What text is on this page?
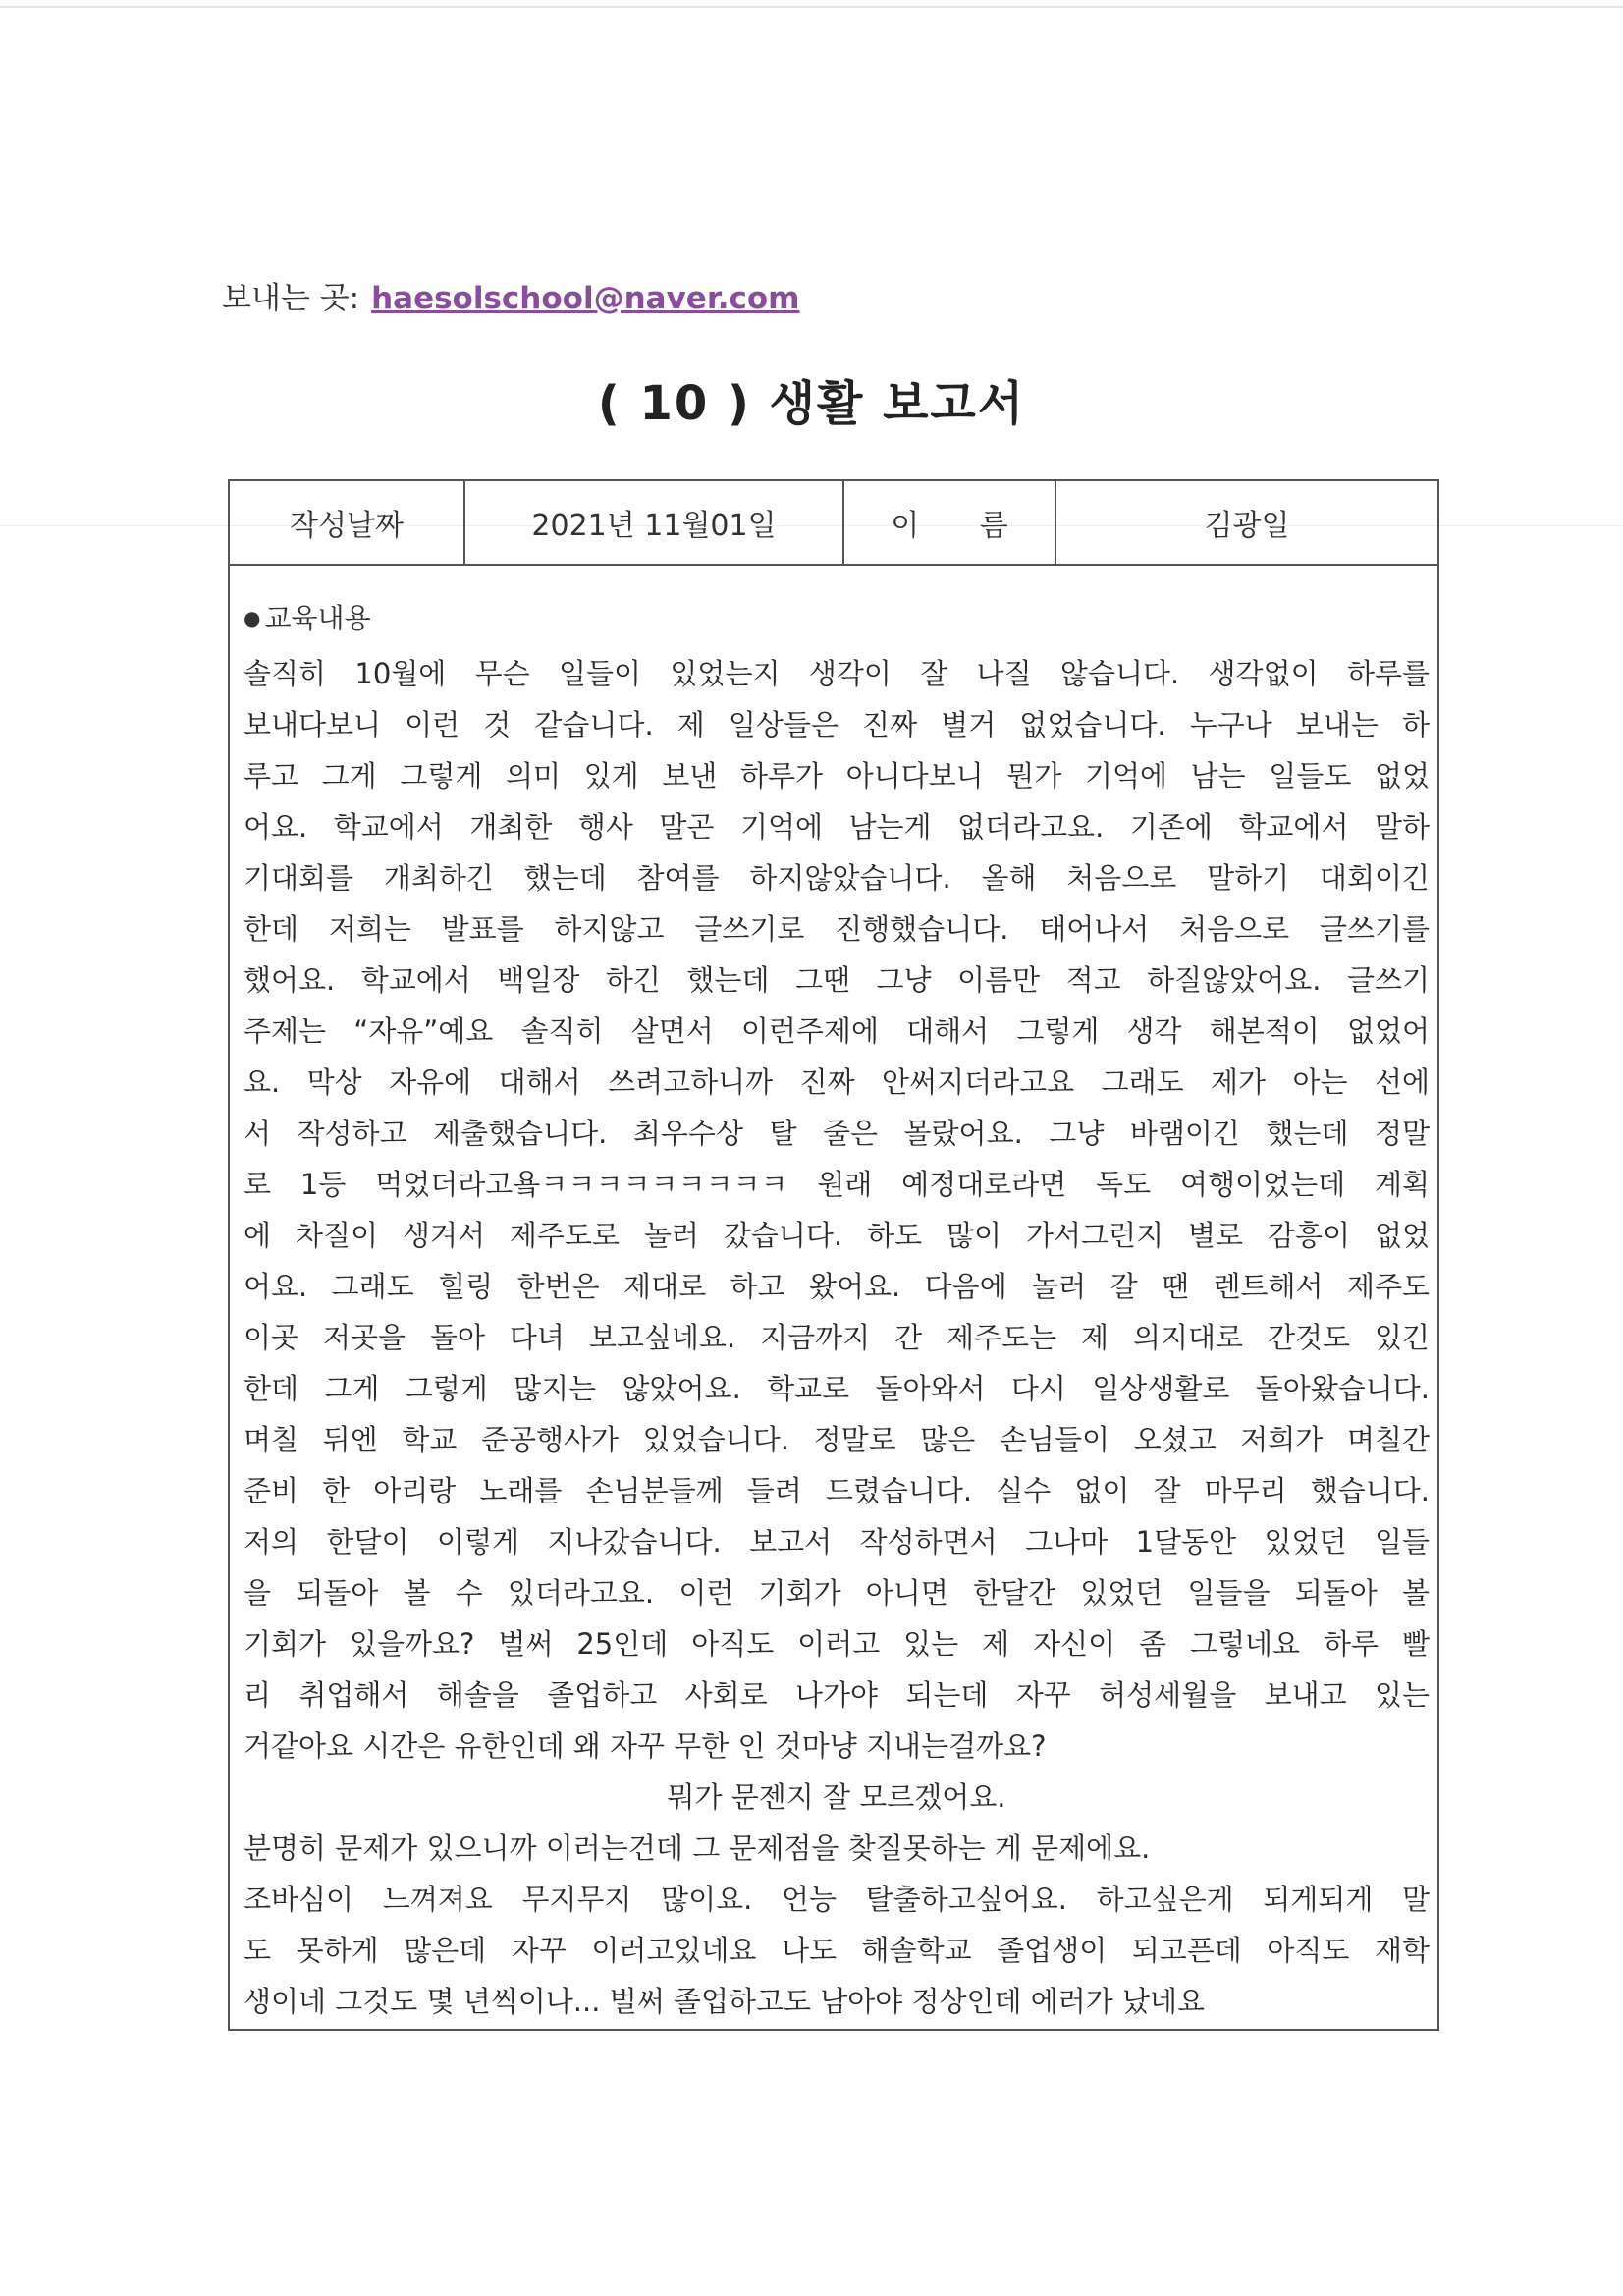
보내는 곳: haesolschool@naver.com
( 10 ) 생활 보고서
작성날짜	2021년 11월01일	이 름	김광일
● 교육내용
솔직히 10월에 무슨 일들이 있었는지 생각이 잘 나질 않습니다. 생각없이 하루를
보내다보니 이런 것 같습니다. 제 일상들은 진짜 별거 없었습니다. 누구나 보내는 하
루고 그게 그렇게 의미 있게 보낸 하루가 아니다보니 뭔가 기억에 남는 일들도 없었
어요. 학교에서 개최한 행사 말곤 기억에 남는게 없더라고요. 기존에 학교에서 말하
기대회를 개최하긴 했는데 참여를 하지않았습니다. 올해 처음으로 말하기 대회이긴
한데 저희는 발표를 하지않고 글쓰기로 진행했습니다. 태어나서 처음으로 글쓰기를
했어요. 학교에서 백일장 하긴 했는데 그땐 그냥 이름만 적고 하질않았어요. 글쓰기
주제는 “자유”예요 솔직히 살면서 이런주제에 대해서 그렇게 생각 해본적이 없었어
요. 막상 자유에 대해서 쓰려고하니까 진짜 안써지더라고요 그래도 제가 아는 선에
서 작성하고 제출했습니다. 최우수상 탈 줄은 몰랐어요. 그냥 바램이긴 했는데 정말
로 1등 먹었더라고욬ㅋㅋㅋㅋㅋㅋㅋㅋㅋ 원래 예정대로라면 독도 여행이었는데 계획
에 차질이 생겨서 제주도로 놀러 갔습니다. 하도 많이 가서그런지 별로 감흥이 없었
어요. 그래도 힐링 한번은 제대로 하고 왔어요. 다음에 놀러 갈 땐 렌트해서 제주도
이곳 저곳을 돌아 다녀 보고싶네요. 지금까지 간 제주도는 제 의지대로 간것도 있긴
한데 그게 그렇게 많지는 않았어요. 학교로 돌아와서 다시 일상생활로 돌아왔습니다.
며칠 뒤엔 학교 준공행사가 있었습니다. 정말로 많은 손님들이 오셨고 저희가 며칠간
준비 한 아리랑 노래를 손님분들께 들려 드렸습니다. 실수 없이 잘 마무리 했습니다.
저의 한달이 이렇게 지나갔습니다. 보고서 작성하면서 그나마 1달동안 있었던 일들
을 되돌아 볼 수 있더라고요. 이런 기회가 아니면 한달간 있었던 일들을 되돌아 볼
기회가 있을까요? 벌써 25인데 아직도 이러고 있는 제 자신이 좀 그렇네요 하루 빨
리 취업해서 해솔을 졸업하고 사회로 나가야 되는데 자꾸 허성세월을 보내고 있는
거같아요 시간은 유한인데 왜 자꾸 무한 인 것마냥 지내는걸까요?
뭐가 문젠지 잘 모르겠어요.
분명히 문제가 있으니까 이러는건데 그 문제점을 찾질못하는 게 문제에요.
조바심이 느껴져요 무지무지 많이요. 언능 탈출하고싶어요. 하고싶은게 되게되게 말
도 못하게 많은데 자꾸 이러고있네요 나도 해솔학교 졸업생이 되고픈데 아직도 재학
생이네 그것도 몇 년씩이나... 벌써 졸업하고도 남아야 정상인데 에러가 났네요
